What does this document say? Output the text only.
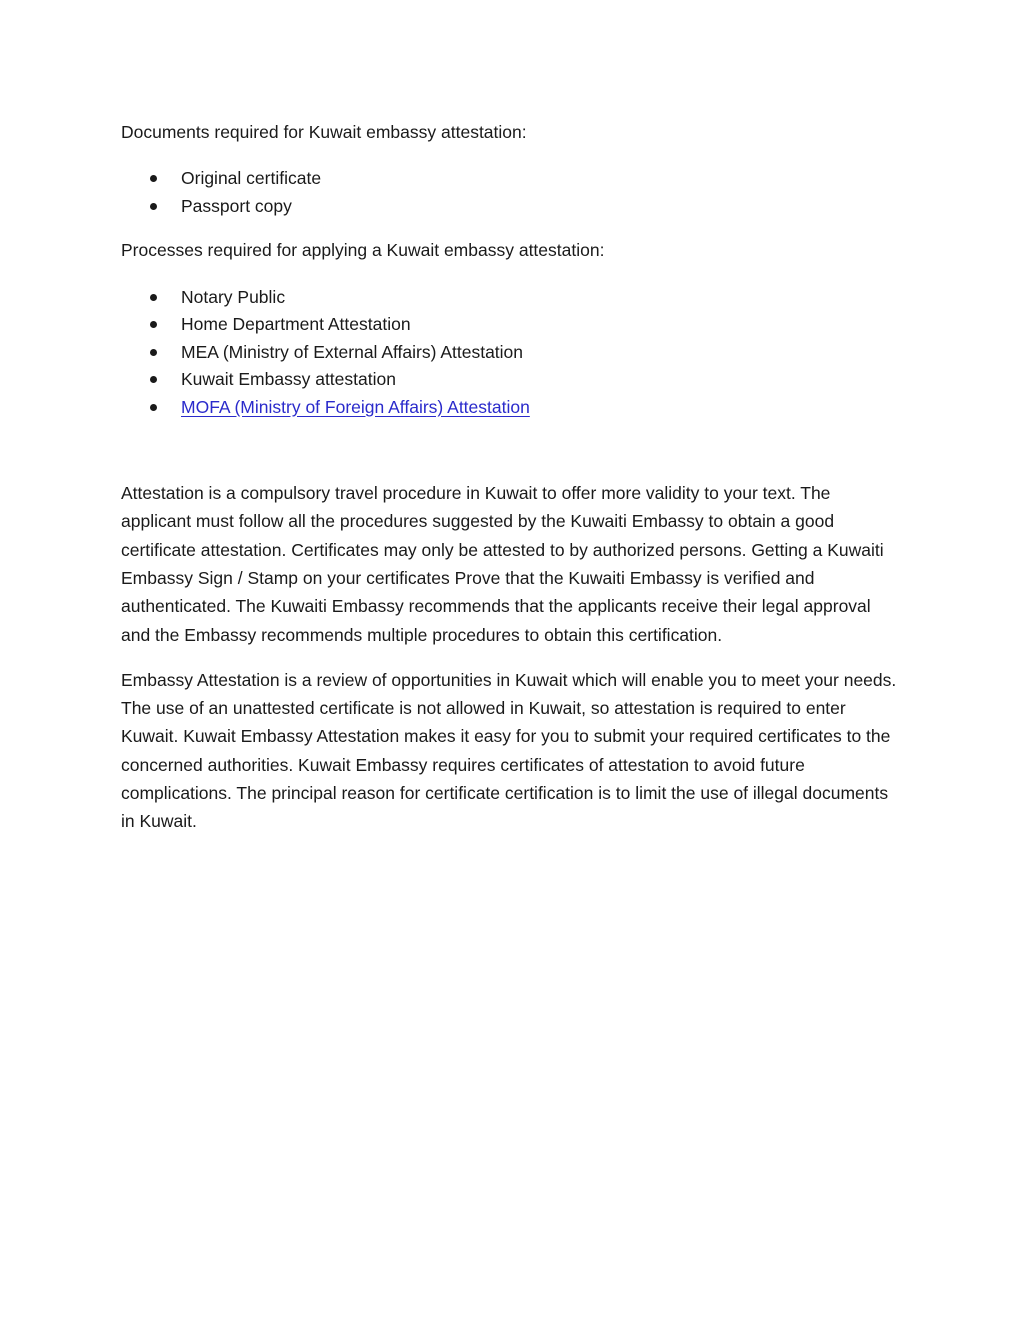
Documents required for Kuwait embassy attestation:

Original certificate
Passport copy

Processes required for applying a Kuwait embassy attestation:

Notary Public
Home Department Attestation
MEA (Ministry of External Affairs) Attestation
Kuwait Embassy attestation
MOFA (Ministry of Foreign Affairs) Attestation

Attestation is a compulsory travel procedure in Kuwait to offer more validity to your text. The applicant must follow all the procedures suggested by the Kuwaiti Embassy to obtain a good certificate attestation. Certificates may only be attested to by authorized persons. Getting a Kuwaiti Embassy Sign / Stamp on your certificates Prove that the Kuwaiti Embassy is verified and authenticated. The Kuwaiti Embassy recommends that the applicants receive their legal approval and the Embassy recommends multiple procedures to obtain this certification.

Embassy Attestation is a review of opportunities in Kuwait which will enable you to meet your needs. The use of an unattested certificate is not allowed in Kuwait, so attestation is required to enter Kuwait. Kuwait Embassy Attestation makes it easy for you to submit your required certificates to the concerned authorities. Kuwait Embassy requires certificates of attestation to avoid future complications. The principal reason for certificate certification is to limit the use of illegal documents in Kuwait.
